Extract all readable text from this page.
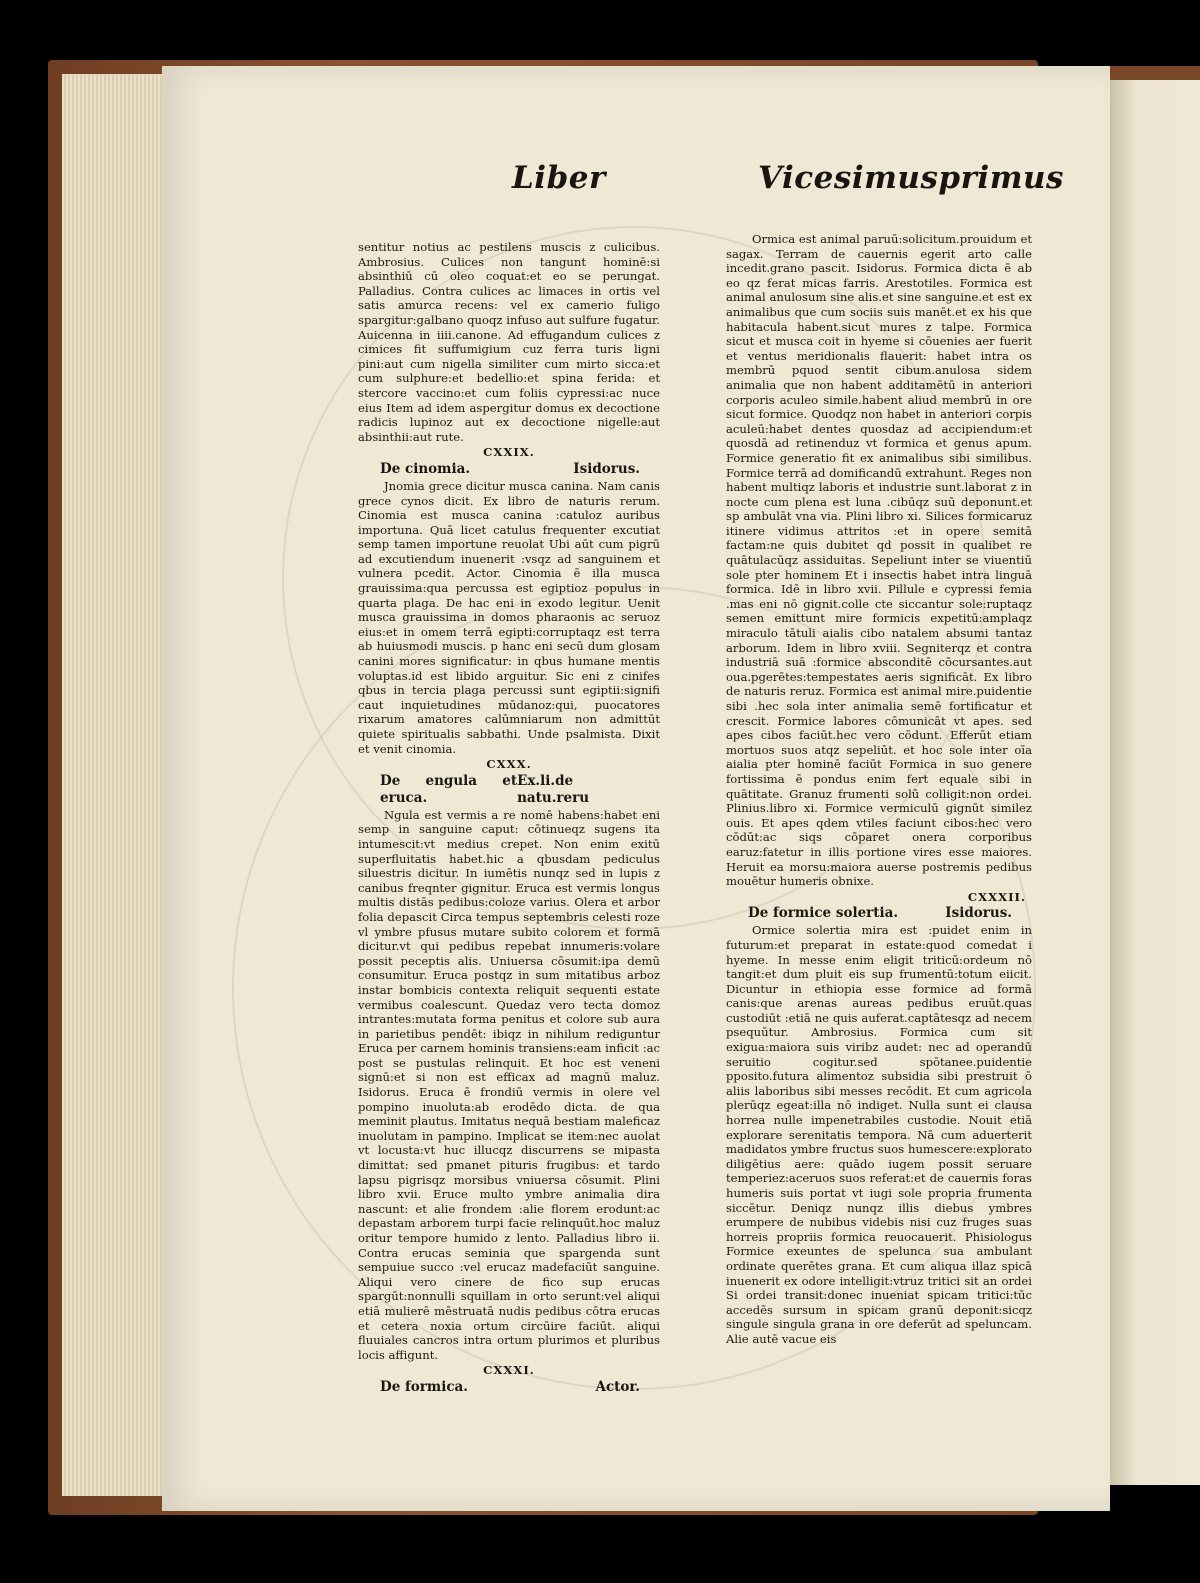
Liber	Vicesimusprimus

sentitur notius ac pestilens muscis z culicibus. Ambrosius. Culices non tangunt hominē:si absinthiū cū oleo coquat:et eo se perungat. Palladius. Contra culices ac limaces in ortis vel satis amurca recens: vel ex camerio fuligo spargitur:galbano quoqz infuso aut sulfure fugatur. Auicenna in iiii.canone. Ad effugandum culices z cimices fit suffumigium cuz ferra turis ligni pini:aut cum nigella similiter cum mirto sicca:et cum sulphure:et bedellio:et spina ferida: et stercore vaccino:et cum foliis cypressi:ac nuce eius Item ad idem aspergitur domus ex decoctione radicis lupinoz aut ex decoctione nigelle:aut absinthii:aut rute.

CXXIX.

De cinomia.	Isidorus.

Jnomia grece dicitur musca canina. Nam canis grece cynos dicit. Ex libro de naturis rerum. Cinomia est musca canina :catuloz auribus importuna. Quā licet catulus frequenter excutiat semp tamen importune reuolat Ubi aūt cum pigrū ad excutiendum inuenerit :vsqz ad sanguinem et vulnera pcedit. Actor. Cinomia ē illa musca grauissima:qua percussa est egiptioz populus in quarta plaga. De hac eni in exodo legitur. Uenit musca grauissima in domos pharaonis ac seruoz eius:et in omem terrā egipti:corruptaqz est terra ab huiusmodi muscis. p hanc eni secū dum glosam canini mores significatur: in qbus humane mentis voluptas.id est libido arguitur. Sic eni z cinifes qbus in tercia plaga percussi sunt egiptii:signifi caut inquietudines mūdanoz:qui, puocatores rixarum amatores calūmniarum non admittūt quiete spiritualis sabbathi. Unde psalmista. Dixit et venit cinomia.

CXXX.

De engula et eruca.
Ex.li.de natu.reru

Ngula est vermis a re nomē habens:habet eni semp in sanguine caput: cōtinueqz sugens ita intumescit:vt medius crepet. Non enim exitū superfluitatis habet.hic a qbusdam pediculus siluestris dicitur. In iumētis nunqz sed in lupis z canibus freqnter gignitur. Eruca est vermis longus multis distās pedibus:coloze varius. Olera et arbor folia depascit Circa tempus septembris celesti roze vl ymbre pfusus mutare subito colorem et formā dicitur.vt qui pedibus repebat innumeris:volare possit peceptis alis. Uniuersa cōsumit:ipa demū consumitur. Eruca postqz in sum mitatibus arboz instar bombicis contexta reliquit sequenti estate vermibus coalescunt. Quedaz vero tecta domoz intrantes:mutata forma penitus et colore sub aura in parietibus pendēt: ibiqz in nihilum rediguntur Eruca per carnem hominis transiens:eam inficit :ac post se pustulas relinquit. Et hoc est veneni signū:et si non est efficax ad magnū maluz. Isidorus. Eruca ē frondiū vermis in olere vel pompino inuoluta:ab erodēdo dicta. de qua meminit plautus. Imitatus nequā bestiam maleficaz inuolutam in pampino. Implicat se item:nec auolat vt locusta:vt huc illucqz discurrens se mipasta dimittat: sed pmanet pituris frugibus: et tardo lapsu pigrisqz morsibus vniuersa cōsumit. Plini libro xvii. Eruce multo ymbre animalia dira nascunt: et alie frondem :alie florem erodunt:ac depastam arborem turpi facie relinquūt.hoc maluz oritur tempore humido z lento. Palladius libro ii. Contra erucas seminia que spargenda sunt sempuiue succo :vel erucaz madefaciūt sanguine. Aliqui vero cinere de fico sup erucas spargūt:nonnulli squillam in orto serunt:vel aliqui etiā mulierē mēstruatā nudis pedibus cōtra erucas et cetera noxia ortum circūire faciūt. aliqui fluuiales cancros intra ortum plurimos et pluribus locis affigunt.

CXXXI.

De formica.	Actor.

Ormica est animal paruū:solicitum.prouidum et sagax. Terram de cauernis egerit arto calle incedit.grano pascit. Isidorus. Formica dicta ē ab eo qz ferat micas farris. Arestotiles. Formica est animal anulosum sine alis.et sine sanguine.et est ex animalibus que cum sociis suis manēt.et ex his que habitacula habent.sicut mures z talpe. Formica sicut et musca coit in hyeme si cōuenies aer fuerit et ventus meridionalis flauerit: habet intra os membrū pquod sentit cibum.anulosa sidem animalia que non habent additamētū in anteriori corporis aculeo simile.habent aliud membrū in ore sicut formice. Quodqz non habet in anteriori corpis aculeū:habet dentes quosdaz ad accipiendum:et quosdā ad retinenduz vt formica et genus apum. Formice generatio fit ex animalibus sibi similibus. Formice terrā ad domificandū extrahunt. Reges non habent multiqz laboris et industrie sunt.laborat z in nocte cum plena est luna .cibūqz suū deponunt.et sp ambulāt vna via. Plini libro xi. Silices formicaruz itinere vidimus attritos :et in opere semitā factam:ne quis dubitet qd possit in qualibet re quātulacūqz assiduitas. Sepeliunt inter se viuentiū sole pter hominem Et i insectis habet intra linguā formica. Idē in libro xvii. Pillule e cypressi femia .mas eni nō gignit.colle cte siccantur sole:ruptaqz semen emittunt mire formicis expetitū:amplaqz miraculo tātuli aialis cibo natalem absumi tantaz arborum. Idem in libro xviii. Segniterqz et contra industriā suā :formice absconditē cōcursantes.aut oua.pgerētes:tempestates aeris significāt. Ex libro de naturis reruz. Formica est animal mire.puidentie sibi .hec sola inter animalia semē fortificatur et crescit. Formice labores cōmunicāt vt apes. sed apes cibos faciūt.hec vero cōdunt. Efferūt etiam mortuos suos atqz sepeliūt. et hoc sole inter oīa aialia pter hominē faciūt Formica in suo genere fortissima ē pondus enim fert equale sibi in quātitate. Granuz frumenti solū colligit:non ordei. Plinius.libro xi. Formice vermiculū gignūt similez ouis. Et apes qdem vtiles faciunt cibos:hec vero cōdūt:ac siqs cōparet onera corporibus earuz:fatetur in illis portione vires esse maiores. Heruit ea morsu:maiora auerse postremis pedibus mouētur humeris obnixe.

CXXXII.

De formice solertia.	Isidorus.

Ormice solertia mira est :puidet enim in futurum:et preparat in estate:quod comedat i hyeme. In messe enim eligit triticū:ordeum nō tangit:et dum pluit eis sup frumentū:totum eiicit. Dicuntur in ethiopia esse formice ad formā canis:que arenas aureas pedibus eruūt.quas custodiūt :etiā ne quis auferat.captātesqz ad necem psequūtur. Ambrosius. Formica cum sit exigua:maiora suis viribz audet: nec ad operandū seruitio cogitur.sed spōtanee.puidentie pposito.futura alimentoz subsidia sibi prestruit ō aliis laboribus sibi messes recōdit. Et cum agricola plerūqz egeat:illa nō indiget. Nulla sunt ei clausa horrea nulle impenetrabiles custodie. Nouit etiā explorare serenitatis tempora. Nā cum aduerterit madidatos ymbre fructus suos humescere:explorato diligētius aere: quādo iugem possit seruare temperiez:aceruos suos referat:et de cauernis foras humeris suis portat vt iugi sole propria frumenta siccētur. Deniqz nunqz illis diebus ymbres erumpere de nubibus videbis nisi cuz fruges suas horreis propriis formica reuocauerit. Phisiologus Formice exeuntes de spelunca sua ambulant ordinate querētes grana. Et cum aliqua illaz spicā inuenerit ex odore intelligit:vtruz tritici sit an ordei Si ordei transit:donec inueniat spicam tritici:tūc accedēs sursum in spicam granū deponit:sicqz singule singula grana in ore deferūt ad speluncam. Alie autē vacue eis
